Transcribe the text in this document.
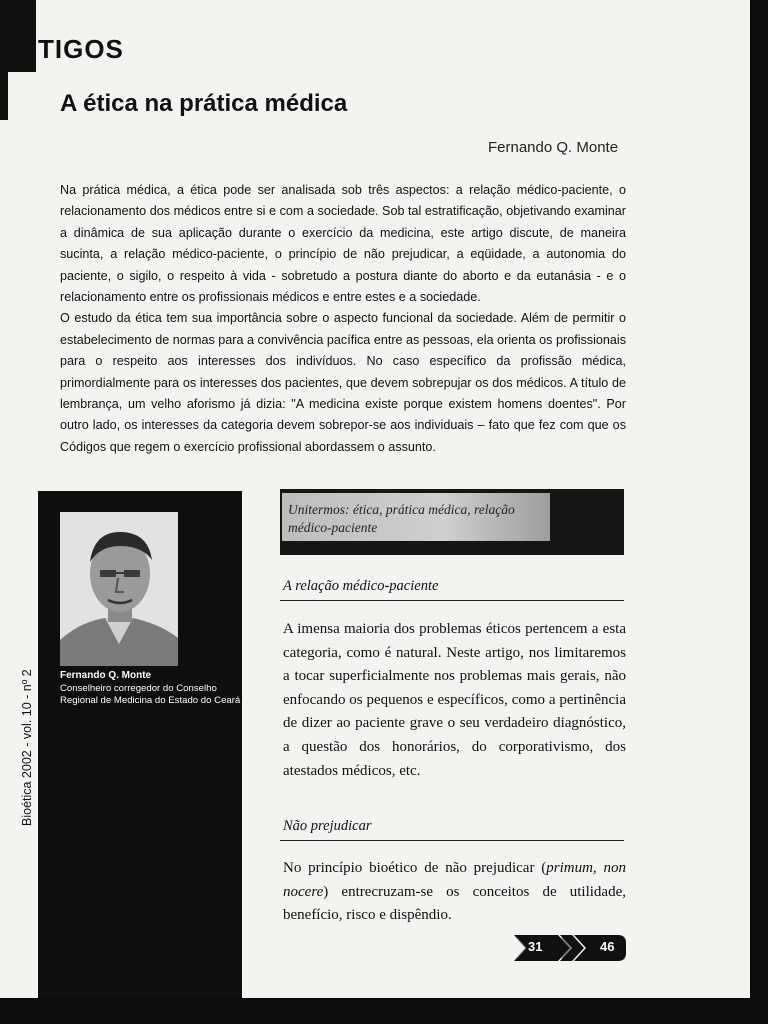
TIGOS
A ética na prática médica
Fernando Q. Monte

Na prática médica, a ética pode ser analisada sob três aspectos: a relação médico-paciente, o relacionamento dos médicos entre si e com a sociedade. Sob tal estratificação, objetivando examinar a dinâmica de sua aplicação durante o exercício da medicina, este artigo discute, de maneira sucinta, a relação médico-paciente, o princípio de não prejudicar, a eqüidade, a autonomia do paciente, o sigilo, o respeito à vida - sobretudo a postura diante do aborto e da eutanásia - e o relacionamento entre os profissionais médicos e entre estes e a sociedade.

O estudo da ética tem sua importância sobre o aspecto funcional da sociedade. Além de permitir o estabelecimento de normas para a convivência pacífica entre as pessoas, ela orienta os profissionais para o respeito aos interesses dos indivíduos. No caso específico da profissão médica, primordialmente para os interesses dos pacientes, que devem sobrepujar os dos médicos. A título de lembrança, um velho aforismo já dizia: "A medicina existe porque existem homens doentes". Por outro lado, os interesses da categoria devem sobrepor-se aos individuais – fato que fez com que os Códigos que regem o exercício profissional abordassem o assunto.

Fernando Q. Monte
Conselheiro corregedor do Conselho Regional de Medicina do Estado do Ceará
Bioética 2002 - vol. 10 - nº 2
Unitermos: ética, prática médica, relação médico-paciente
A relação médico-paciente

A imensa maioria dos problemas éticos pertencem a esta categoria, como é natural. Neste artigo, nos limitaremos a tocar superficialmente nos problemas mais gerais, não enfocando os pequenos e específicos, como a pertinência de dizer ao paciente grave o seu verdadeiro diagnóstico, a questão dos honorários, do corporativismo, dos atestados médicos, etc.

Não prejudicar

No princípio bioético de não prejudicar (primum, non nocere) entrecruzam-se os conceitos de utilidade, benefício, risco e dispêndio.

31	46
